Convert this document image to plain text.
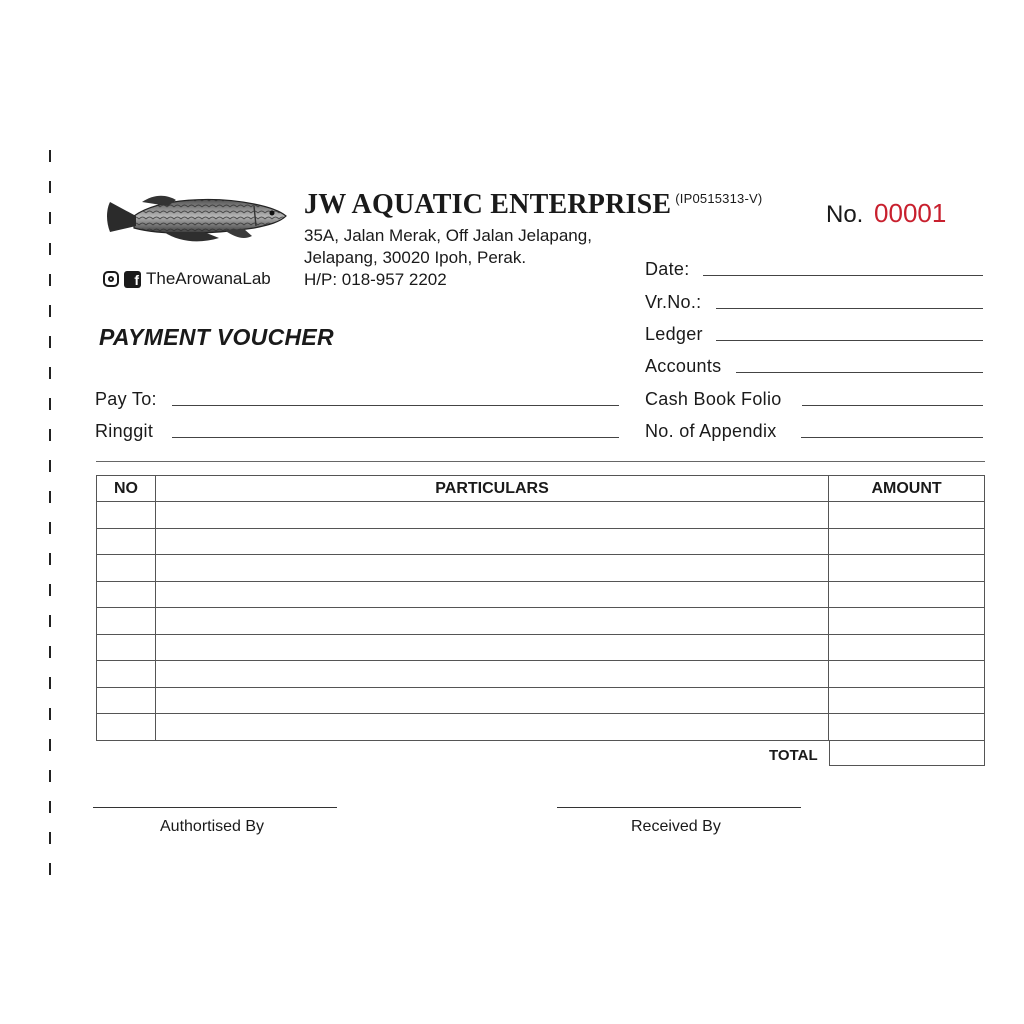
JW AQUATIC ENTERPRISE $^{(IP0515313-V)}$
35A, Jalan Merak, Off Jalan Jelapang,
Jelapang, 30020 Ipoh, Perak.
H/P: 018-957 2202
f TheArowanaLab
No. 00001
PAYMENT VOUCHER
Date:
Vr.No.:
Ledger
Accounts
Cash Book Folio
No. of Appendix
Pay To:
Ringgit
NO	PARTICULARS	AMOUNT

TOTAL
Authortised By	Received By
